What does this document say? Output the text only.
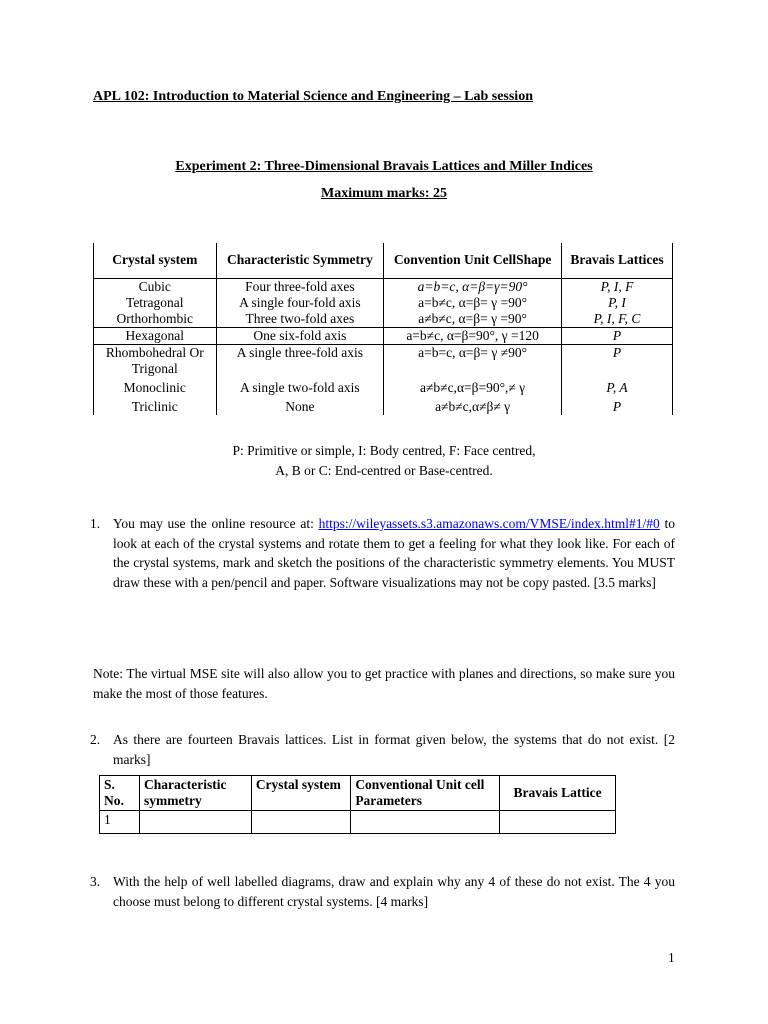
APL 102: Introduction to Material Science and Engineering – Lab session
Experiment 2: Three-Dimensional Bravais Lattices and Miller Indices
Maximum marks: 25
Crystal system	Characteristic Symmetry	Convention Unit CellShape	Bravais Lattices
Cubic	Four three-fold axes	a=b=c, α=β=γ=90°	P, I, F
Tetragonal	A single four-fold axis	a=b≠c, α=β= γ =90°	P, I
Orthorhombic	Three two-fold axes	a≠b≠c, α=β= γ =90°	P, I, F, C
Hexagonal	One six-fold axis	a=b≠c, α=β=90°, γ =120	P
Rhombohedral Or Trigonal	A single three-fold axis	a=b=c, α=β= γ ≠90°	P
Monoclinic	A single two-fold axis	a≠b≠c,α=β=90°,≠ γ	P, A
Triclinic	None	a≠b≠c,α≠β≠ γ	P
P: Primitive or simple, I: Body centred, F: Face centred,
A, B or C: End-centred or Base-centred.
1. You may use the online resource at: https://wileyassets.s3.amazonaws.com/VMSE/index.html#1/#0 to look at each of the crystal systems and rotate them to get a feeling for what they look like. For each of the crystal systems, mark and sketch the positions of the characteristic symmetry elements. You MUST draw these with a pen/pencil and paper. Software visualizations may not be copy pasted. [3.5 marks]
Note: The virtual MSE site will also allow you to get practice with planes and directions, so make sure you make the most of those features.
2. As there are fourteen Bravais lattices. List in format given below, the systems that do not exist. [2 marks]
S. No.	Characteristic symmetry	Crystal system	Conventional Unit cell Parameters	Bravais Lattice
1				
3. With the help of well labelled diagrams, draw and explain why any 4 of these do not exist. The 4 you choose must belong to different crystal systems. [4 marks]
1
